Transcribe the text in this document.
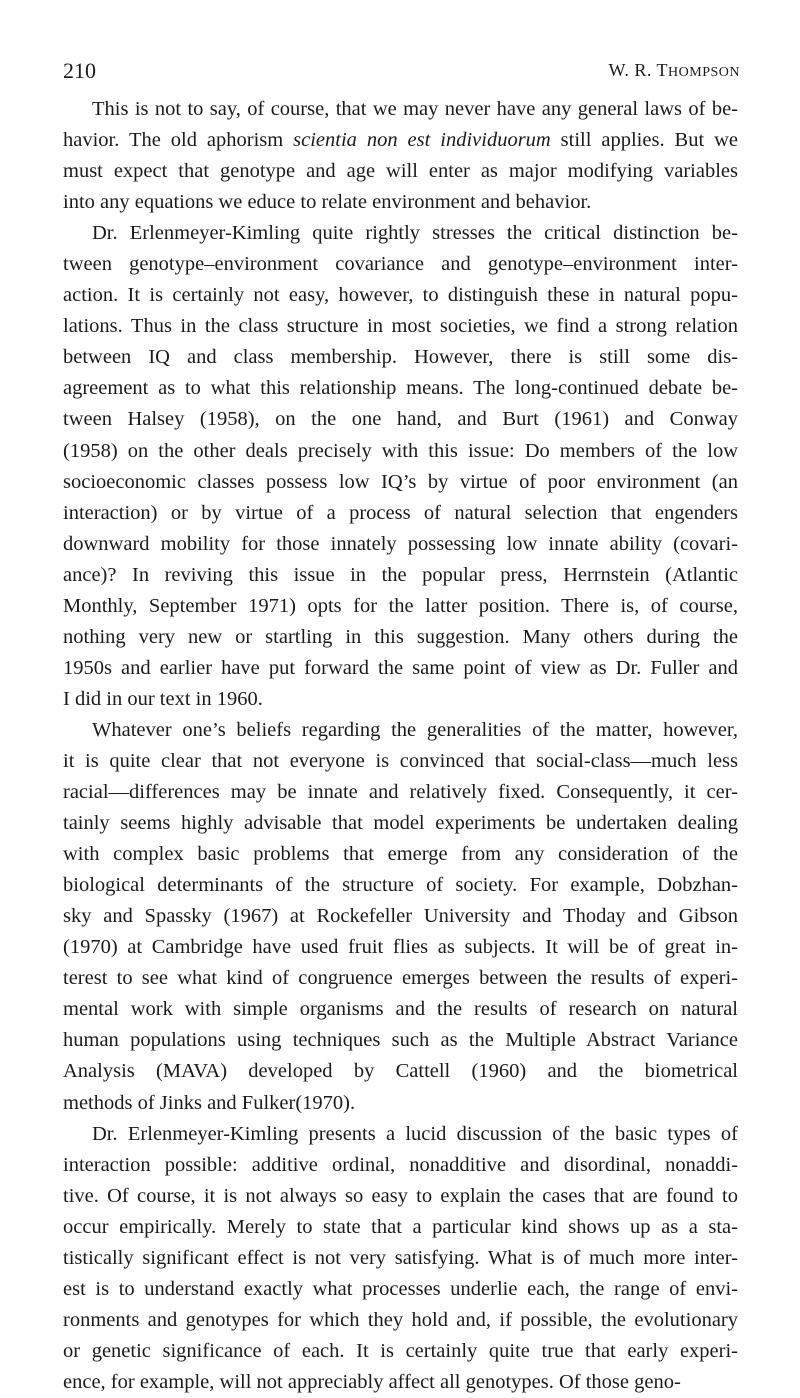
210	W. R. THOMPSON
This is not to say, of course, that we may never have any general laws of be-
havior. The old aphorism scientia non est individuorum still applies. But we
must expect that genotype and age will enter as major modifying variables
into any equations we educe to relate environment and behavior.
Dr. Erlenmeyer-Kimling quite rightly stresses the critical distinction be-
tween genotype–environment covariance and genotype–environment inter-
action. It is certainly not easy, however, to distinguish these in natural popu-
lations. Thus in the class structure in most societies, we find a strong relation
between IQ and class membership. However, there is still some dis-
agreement as to what this relationship means. The long-continued debate be-
tween Halsey (1958), on the one hand, and Burt (1961) and Conway
(1958) on the other deals precisely with this issue: Do members of the low
socioeconomic classes possess low IQ’s by virtue of poor environment (an
interaction) or by virtue of a process of natural selection that engenders
downward mobility for those innately possessing low innate ability (covari-
ance)? In reviving this issue in the popular press, Herrnstein (Atlantic
Monthly, September 1971) opts for the latter position. There is, of course,
nothing very new or startling in this suggestion. Many others during the
1950s and earlier have put forward the same point of view as Dr. Fuller and
I did in our text in 1960.
Whatever one’s beliefs regarding the generalities of the matter, however,
it is quite clear that not everyone is convinced that social-class—much less
racial—differences may be innate and relatively fixed. Consequently, it cer-
tainly seems highly advisable that model experiments be undertaken dealing
with complex basic problems that emerge from any consideration of the
biological determinants of the structure of society. For example, Dobzhan-
sky and Spassky (1967) at Rockefeller University and Thoday and Gibson
(1970) at Cambridge have used fruit flies as subjects. It will be of great in-
terest to see what kind of congruence emerges between the results of experi-
mental work with simple organisms and the results of research on natural
human populations using techniques such as the Multiple Abstract Variance
Analysis (MAVA) developed by Cattell (1960) and the biometrical
methods of Jinks and Fulker(1970).
Dr. Erlenmeyer-Kimling presents a lucid discussion of the basic types of
interaction possible: additive ordinal, nonadditive and disordinal, nonaddi-
tive. Of course, it is not always so easy to explain the cases that are found to
occur empirically. Merely to state that a particular kind shows up as a sta-
tistically significant effect is not very satisfying. What is of much more inter-
est is to understand exactly what processes underlie each, the range of envi-
ronments and genotypes for which they hold and, if possible, the evolutionary
or genetic significance of each. It is certainly quite true that early experi-
ence, for example, will not appreciably affect all genotypes. Of those geno-
